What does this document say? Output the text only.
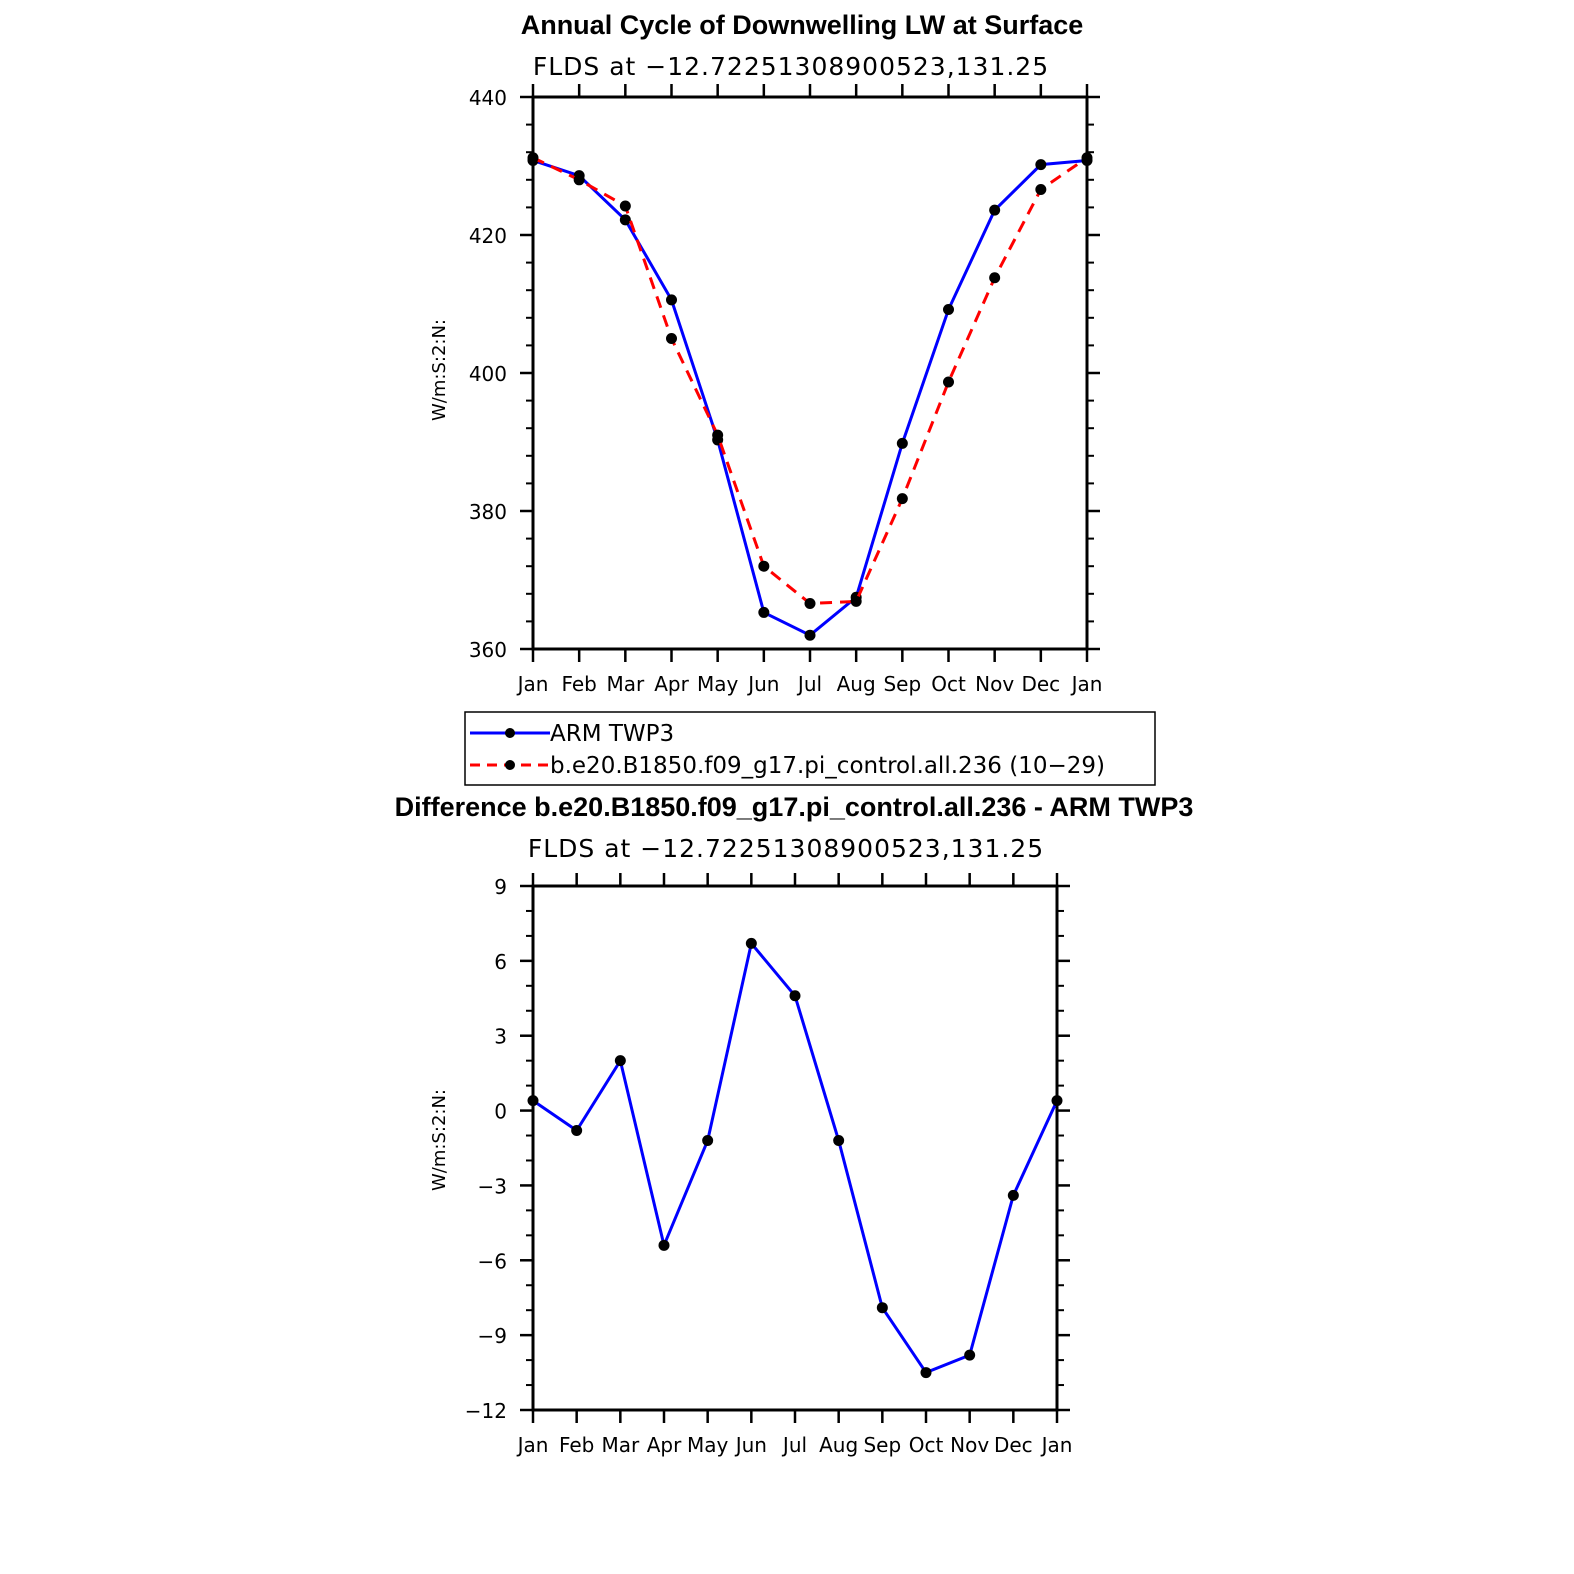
Annual Cycle of Downwelling LW at Surface
FLDS at −12.72251308900523,131.25
W/m:S:2:N:
Jan Feb Mar Apr May Jun Jul Aug Sep Oct Nov Dec Jan
360
380
400
420
440
ARM TWP3
b.e20.B1850.f09_g17.pi_control.all.236 (10−29)
Difference b.e20.B1850.f09_g17.pi_control.all.236 - ARM TWP3
FLDS at −12.72251308900523,131.25
W/m:S:2:N:
Jan Feb Mar Apr May Jun Jul Aug Sep Oct Nov Dec Jan
−12
−9
−6
−3
0
3
6
9
